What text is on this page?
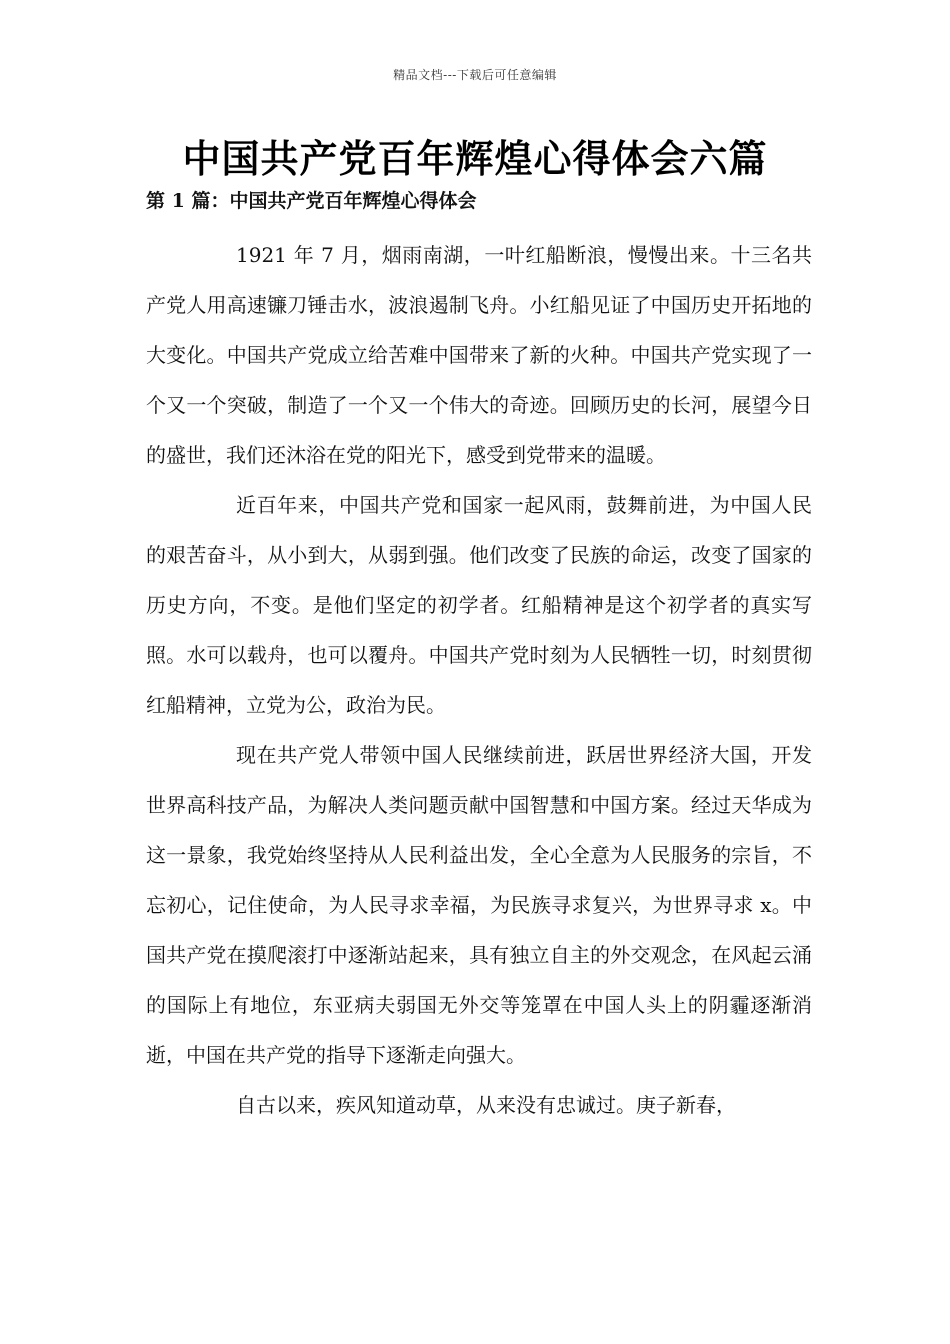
精品文档---下载后可任意编辑
中国共产党百年辉煌心得体会六篇
第 1 篇：中国共产党百年辉煌心得体会

1921 年 7 月，烟雨南湖，一叶红船断浪，慢慢出来。十三名共产党人用高速镰刀锤击水，波浪遏制飞舟。小红船见证了中国历史开拓地的大变化。中国共产党成立给苦难中国带来了新的火种。中国共产党实现了一个又一个突破，制造了一个又一个伟大的奇迹。回顾历史的长河，展望今日的盛世，我们还沐浴在党的阳光下，感受到党带来的温暖。

近百年来，中国共产党和国家一起风雨，鼓舞前进，为中国人民的艰苦奋斗，从小到大，从弱到强。他们改变了民族的命运，改变了国家的历史方向，不变。是他们坚定的初学者。红船精神是这个初学者的真实写照。水可以载舟，也可以覆舟。中国共产党时刻为人民牺牲一切，时刻贯彻红船精神，立党为公，政治为民。

现在共产党人带领中国人民继续前进，跃居世界经济大国，开发世界高科技产品，为解决人类问题贡献中国智慧和中国方案。经过天华成为这一景象，我党始终坚持从人民利益出发，全心全意为人民服务的宗旨，不忘初心，记住使命，为人民寻求幸福，为民族寻求复兴，为世界寻求 x。中国共产党在摸爬滚打中逐渐站起来，具有独立自主的外交观念，在风起云涌的国际上有地位，东亚病夫弱国无外交等笼罩在中国人头上的阴霾逐渐消逝，中国在共产党的指导下逐渐走向强大。

自古以来，疾风知道动草，从来没有忠诚过。庚子新春，
